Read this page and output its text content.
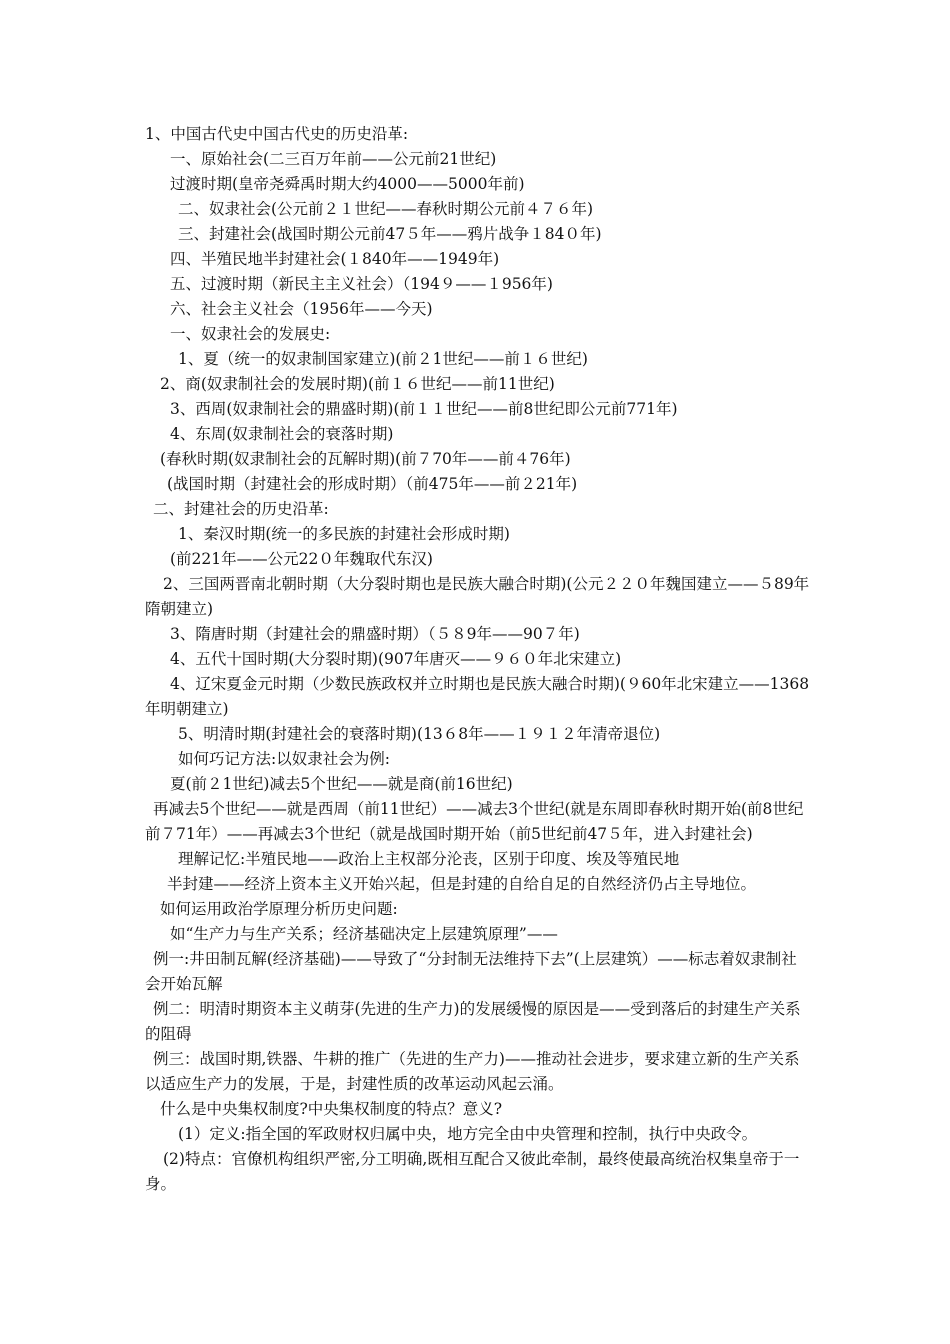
1、中国古代史中国古代史的历史沿革:
一、原始社会(二三百万年前——公元前21世纪)
过渡时期(皇帝尧舜禹时期大约4000——5000年前)
二、奴隶社会(公元前２１世纪——春秋时期公元前４７６年)
三、封建社会(战国时期公元前47５年——鸦片战争１84０年)
四、半殖民地半封建社会(１840年——1949年)
五、过渡时期（新民主主义社会）（194９——１956年)
六、社会主义社会（1956年——今天)
一、奴隶社会的发展史:
1、夏（统一的奴隶制国家建立)(前２1世纪——前１６世纪)
2、商(奴隶制社会的发展时期)(前１６世纪——前11世纪)
3、西周(奴隶制社会的鼎盛时期)(前１１世纪——前8世纪即公元前771年)
4、东周(奴隶制社会的衰落时期)
(春秋时期(奴隶制社会的瓦解时期)(前７70年——前４76年)
(战国时期（封建社会的形成时期）（前475年——前２21年)
二、封建社会的历史沿革:
1、秦汉时期(统一的多民族的封建社会形成时期)
(前221年——公元22０年魏取代东汉)
2、三国两晋南北朝时期（大分裂时期也是民族大融合时期)(公元２２０年魏国建立——５89年隋朝建立)
3、隋唐时期（封建社会的鼎盛时期）（５８9年——90７年)
4、五代十国时期(大分裂时期)(907年唐灭——９６０年北宋建立)
4、辽宋夏金元时期（少数民族政权并立时期也是民族大融合时期)(９60年北宋建立——1368年明朝建立)
5、明清时期(封建社会的衰落时期)(13６8年——１９１２年清帝退位)
如何巧记方法:以奴隶社会为例:
夏(前２1世纪)减去5个世纪——就是商(前16世纪)
再减去5个世纪——就是西周（前11世纪）——减去3个世纪(就是东周即春秋时期开始(前8世纪前７71年）——再减去3个世纪（就是战国时期开始（前5世纪前47５年，进入封建社会)
理解记忆:半殖民地——政治上主权部分沦丧，区别于印度、埃及等殖民地
半封建——经济上资本主义开始兴起，但是封建的自给自足的自然经济仍占主导地位。
如何运用政治学原理分析历史问题:
如“生产力与生产关系；经济基础决定上层建筑原理”——
例一:井田制瓦解(经济基础)——导致了“分封制无法维持下去”(上层建筑）——标志着奴隶制社会开始瓦解
例二：明清时期资本主义萌芽(先进的生产力)的发展缓慢的原因是——受到落后的封建生产关系的阻碍
例三：战国时期,铁器、牛耕的推广（先进的生产力)——推动社会进步，要求建立新的生产关系以适应生产力的发展，于是，封建性质的改革运动风起云涌。
什么是中央集权制度?中央集权制度的特点？意义?
(1）定义:指全国的军政财权归属中央，地方完全由中央管理和控制，执行中央政令。
(2)特点：官僚机构组织严密,分工明确,既相互配合又彼此牵制，最终使最高统治权集皇帝于一身。
